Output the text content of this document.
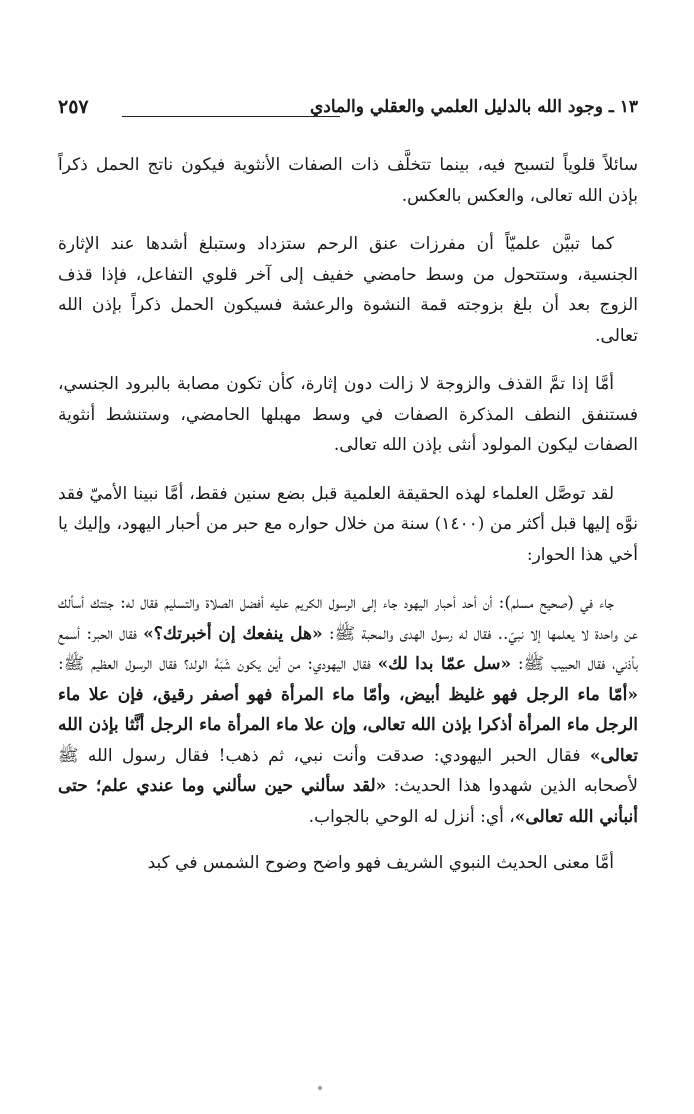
١٣ ـ وجود الله بالدليل العلمي والعقلي والمادي
٢٥٧

سائلاً قلوياً لتسبح فيه، بينما تتخلَّف ذات الصفات الأنثوية فيكون ناتج الحمل ذكراً بإذن الله تعالى، والعكس بالعكس.

كما تبيَّن علميّاً أن مفرزات عنق الرحم ستزداد وستبلغ أشدها عند الإثارة الجنسية، وستتحول من وسط حامضي خفيف إلى آخر قلوي التفاعل، فإذا قذف الزوج بعد أن بلغ بزوجته قمة النشوة والرعشة فسيكون الحمل ذكراً بإذن الله تعالى.

أمَّا إذا تمَّ القذف والزوجة لا زالت دون إثارة، كأن تكون مصابة بالبرود الجنسي، فستنفق النطف المذكرة الصفات في وسط مهبلها الحامضي، وستنشط أنثوية الصفات ليكون المولود أنثى بإذن الله تعالى.

لقد توصَّل العلماء لهذه الحقيقة العلمية قبل بضع سنين فقط، أمَّا نبينا الأميّ فقد نوَّه إليها قبل أكثر من (١٤٠٠) سنة من خلال حواره مع حبر من أحبار اليهود، وإليك يا أخي هذا الحوار:

جاء في (صحيح مسلم): أن أحد أحبار اليهود جاء إلى الرسول الكريم عليه أفضل الصلاة والتسليم فقال له: جئتك أسألك عن واحدة لا يعلمها إلا نبيّ.. فقال له رسول الهدى والمحبة ﷺ: «هل ينفعك إن أخبرتك؟» فقال الحبر: أسمع بأذني، فقال الحبيب ﷺ: «سل عمّا بدا لك» فقال اليهودي: من أين يكون شَبَهُ الولد؟ فقال الرسول العظيم ﷺ: «أمّا ماء الرجل فهو غليظ أبيض، وأمّا ماء المرأة فهو أصفر رقيق، فإن علا ماء الرجل ماء المرأة أذكرا بإذن الله تعالى، وإن علا ماء المرأة ماء الرجل أنَّثا بإذن الله تعالى» فقال الحبر اليهودي: صدقت وأنت نبي، ثم ذهب! فقال رسول الله ﷺ لأصحابه الذين شهدوا هذا الحديث: «لقد سألني حين سألني وما عندي علم؛ حتى أنبأني الله تعالى»، أي: أنزل له الوحي بالجواب.

أمَّا معنى الحديث النبوي الشريف فهو واضح وضوح الشمس في كبد
